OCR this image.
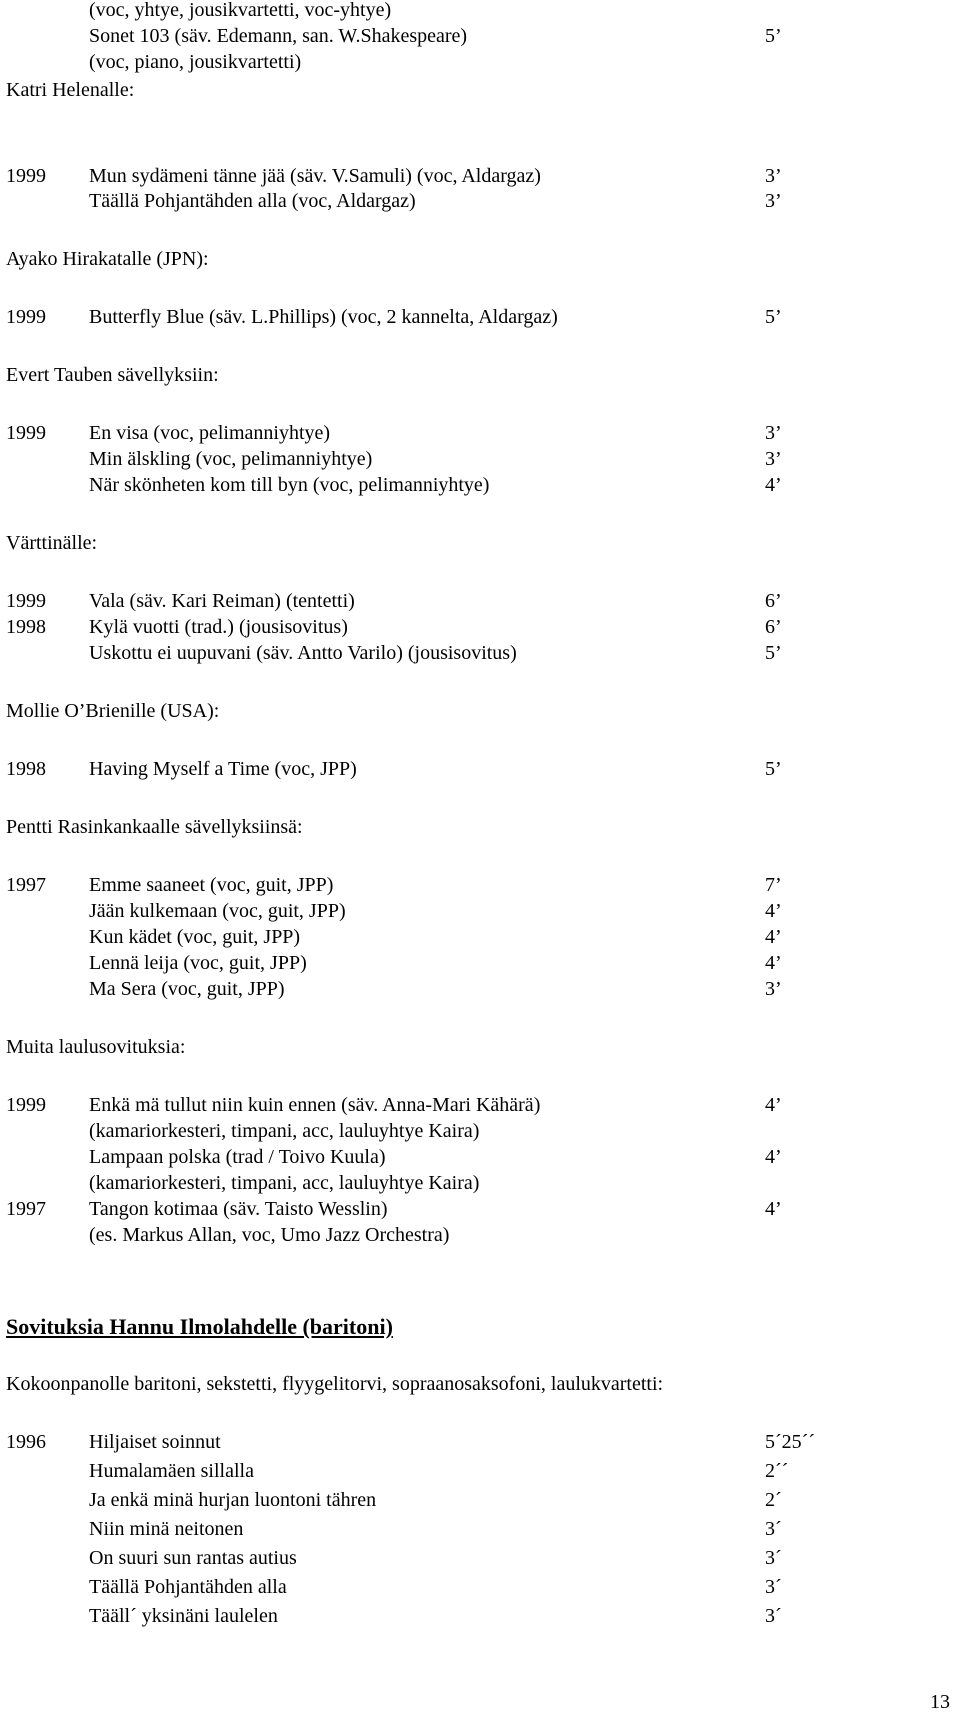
(voc, yhtye, jousikvartetti, voc-yhtye)
Sonet 103 (säv. Edemann, san. W.Shakespeare)	5’
(voc, piano, jousikvartetti)
Katri Helenalle:
1999 Mun sydämeni tänne jää (säv. V.Samuli) (voc, Aldargaz)	3’
Täällä Pohjantähden alla (voc, Aldargaz)	3’
Ayako Hirakatalle (JPN):
1999 Butterfly Blue (säv. L.Phillips) (voc, 2 kannelta, Aldargaz)	5’
Evert Tauben sävellyksiin:
1999 En visa (voc, pelimanniyhtye)	3’
Min älskling (voc, pelimanniyhtye)	3’
När skönheten kom till byn (voc, pelimanniyhtye)	4’
Värttinälle:
1999 Vala (säv. Kari Reiman) (tentetti)	6’
1998 Kylä vuotti (trad.) (jousisovitus)	6’
Uskottu ei uupuvani (säv. Antto Varilo) (jousisovitus)	5’
Mollie O’Brienille (USA):
1998 Having Myself a Time (voc, JPP)	5’
Pentti Rasinkankaalle sävellyksiinsä:
1997 Emme saaneet (voc, guit, JPP)	7’
Jään kulkemaan (voc, guit, JPP)	4’
Kun kädet (voc, guit, JPP)	4’
Lennä leija (voc, guit, JPP)	4’
Ma Sera (voc, guit, JPP)	3’
Muita laulusovituksia:
1999 Enkä mä tullut niin kuin ennen (säv. Anna-Mari Kähärä)	4’
(kamariorkesteri, timpani, acc, lauluyhtye Kaira)
Lampaan polska (trad / Toivo Kuula)	4’
(kamariorkesteri, timpani, acc, lauluyhtye Kaira)
1997 Tangon kotimaa (säv. Taisto Wesslin)	4’
(es. Markus Allan, voc, Umo Jazz Orchestra)
Sovituksia Hannu Ilmolahdelle (baritoni)
Kokoonpanolle baritoni, sekstetti, flyygelitorvi, sopraanosaksofoni, laulukvartetti:
1996 Hiljaiset soinnut	5´25´´
Humalamäen sillalla	2´´
Ja enkä minä hurjan luontoni tähren	2´
Niin minä neitonen	3´
On suuri sun rantas autius	3´
Täällä Pohjantähden alla	3´
Tääll´ yksinäni laulelen	3´
13
